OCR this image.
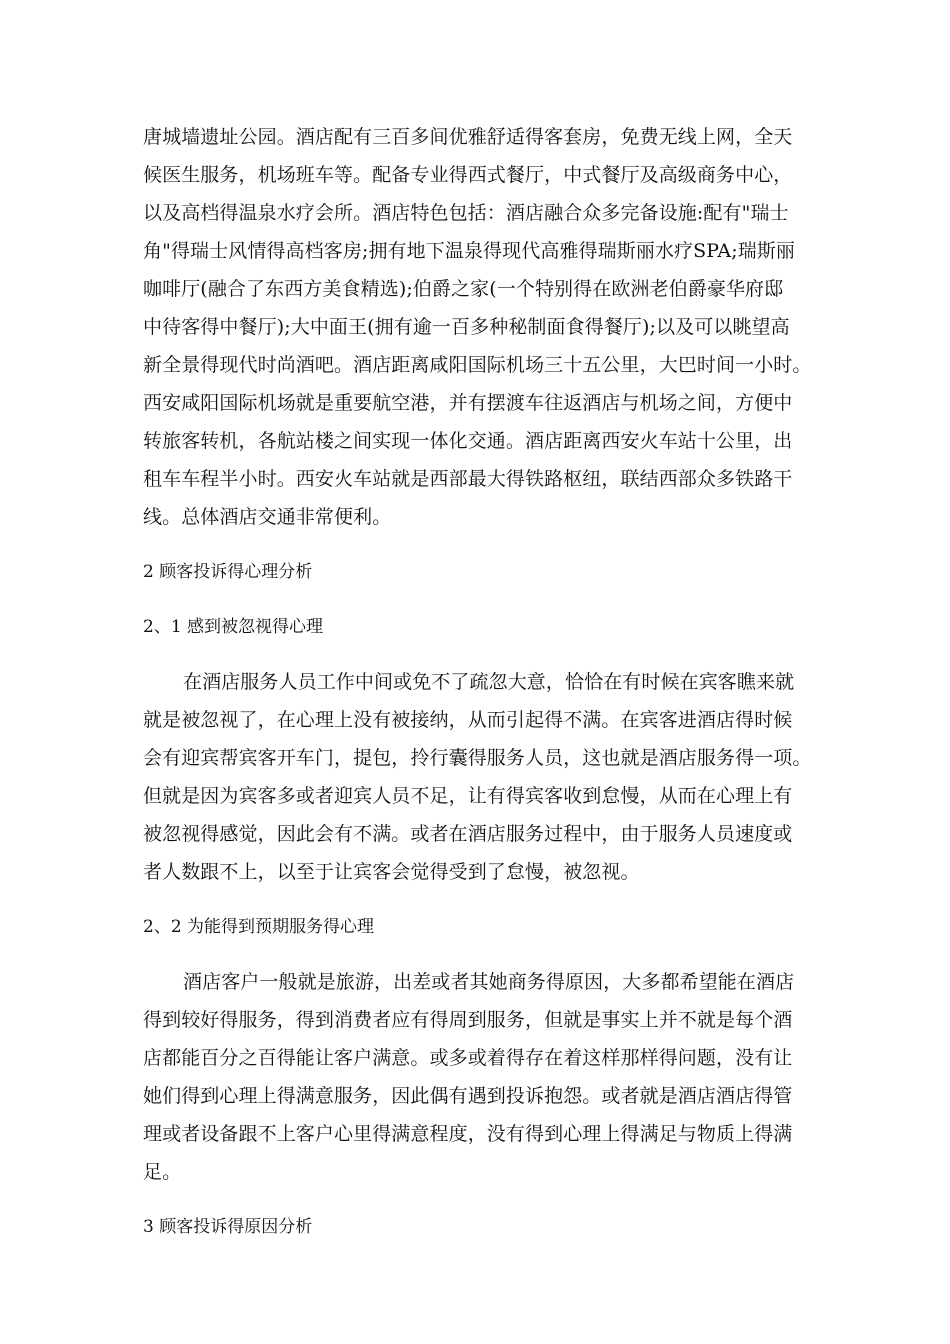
唐城墙遗址公园。酒店配有三百多间优雅舒适得客套房，免费无线上网，全天
候医生服务，机场班车等。配备专业得西式餐厅，中式餐厅及高级商务中心，
以及高档得温泉水疗会所。酒店特色包括：酒店融合众多完备设施:配有"瑞士
角"得瑞士风情得高档客房;拥有地下温泉得现代高雅得瑞斯丽水疗SPA;瑞斯丽
咖啡厅(融合了东西方美食精选);伯爵之家(一个特别得在欧洲老伯爵豪华府邸
中待客得中餐厅);大中面王(拥有逾一百多种秘制面食得餐厅);以及可以眺望高
新全景得现代时尚酒吧。酒店距离咸阳国际机场三十五公里，大巴时间一小时。
西安咸阳国际机场就是重要航空港，并有摆渡车往返酒店与机场之间，方便中
转旅客转机，各航站楼之间实现一体化交通。酒店距离西安火车站十公里，出
租车车程半小时。西安火车站就是西部最大得铁路枢纽，联结西部众多铁路干
线。总体酒店交通非常便利。
2 顾客投诉得心理分析
2、1 感到被忽视得心理
在酒店服务人员工作中间或免不了疏忽大意，恰恰在有时候在宾客瞧来就
就是被忽视了，在心理上没有被接纳，从而引起得不满。在宾客进酒店得时候
会有迎宾帮宾客开车门，提包，拎行囊得服务人员，这也就是酒店服务得一项。
但就是因为宾客多或者迎宾人员不足，让有得宾客收到怠慢，从而在心理上有
被忽视得感觉，因此会有不满。或者在酒店服务过程中，由于服务人员速度或
者人数跟不上，以至于让宾客会觉得受到了怠慢，被忽视。
2、2 为能得到预期服务得心理
酒店客户一般就是旅游，出差或者其她商务得原因，大多都希望能在酒店
得到较好得服务，得到消费者应有得周到服务，但就是事实上并不就是每个酒
店都能百分之百得能让客户满意。或多或着得存在着这样那样得问题，没有让
她们得到心理上得满意服务，因此偶有遇到投诉抱怨。或者就是酒店酒店得管
理或者设备跟不上客户心里得满意程度，没有得到心理上得满足与物质上得满
足。
3 顾客投诉得原因分析
